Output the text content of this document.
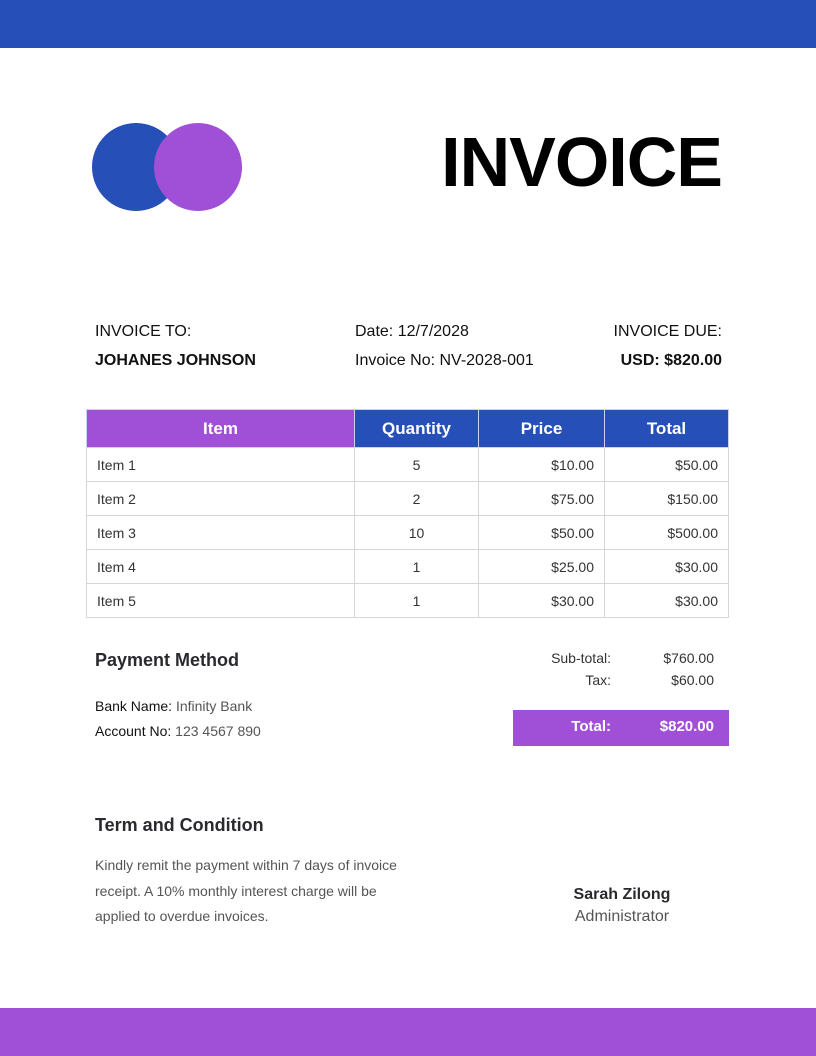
INVOICE
INVOICE TO:
JOHANES JOHNSON
Date: 12/7/2028
Invoice No: NV-2028-001
INVOICE DUE:
USD: $820.00
Item	Quantity	Price	Total
Item 1	5	$10.00	$50.00
Item 2	2	$75.00	$150.00
Item 3	10	$50.00	$500.00
Item 4	1	$25.00	$30.00
Item 5	1	$30.00	$30.00
Payment Method
Bank Name: Infinity Bank
Account No: 123 4567 890
Sub-total:	$760.00
Tax:	$60.00
Total:	$820.00
Term and Condition
Kindly remit the payment within 7 days of invoice receipt. A 10% monthly interest charge will be applied to overdue invoices.
Sarah Zilong
Administrator
